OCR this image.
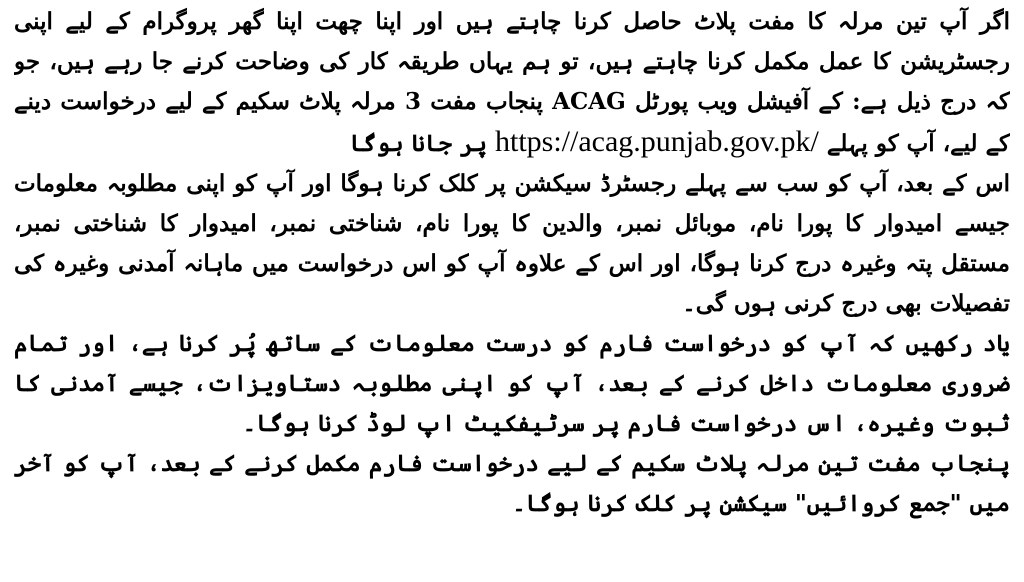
اگر آپ تین مرلہ کا مفت پلاٹ حاصل کرنا چاہتے ہیں اور اپنا چھت اپنا گھر پروگرام کے لیے اپنی رجسٹریشن کا عمل مکمل کرنا چاہتے ہیں، تو ہم یہاں طریقہ کار کی وضاحت کرنے جا رہے ہیں، جو کہ درج ذیل ہے: کے آفیشل ویب پورٹل ACAG پنجاب مفت 3 مرلہ پلاٹ سکیم کے لیے درخواست دینے کے لیے، آپ کو پہلے https://acag.punjab.gov.pk/ پر جانا ہوگا

اس کے بعد، آپ کو سب سے پہلے رجسٹرڈ سیکشن پر کلک کرنا ہوگا اور آپ کو اپنی مطلوبہ معلومات جیسے امیدوار کا پورا نام، موبائل نمبر، والدین کا پورا نام، شناختی نمبر، امیدوار کا شناختی نمبر، مستقل پتہ وغیرہ درج کرنا ہوگا، اور اس کے علاوہ آپ کو اس درخواست میں ماہانہ آمدنی وغیرہ کی تفصیلات بھی درج کرنی ہوں گی۔

یاد رکھیں کہ آپ کو درخواست فارم کو درست معلومات کے ساتھ پُر کرنا ہے، اور تمام ضروری معلومات داخل کرنے کے بعد، آپ کو اپنی مطلوبہ دستاویزات، جیسے آمدنی کا ثبوت وغیرہ، اس درخواست فارم پر سرٹیفکیٹ اپ لوڈ کرنا ہوگا۔

پنجاب مفت تین مرلہ پلاٹ سکیم کے لیے درخواست فارم مکمل کرنے کے بعد، آپ کو آخر میں "جمع کروائیں" سیکشن پر کلک کرنا ہوگا۔
